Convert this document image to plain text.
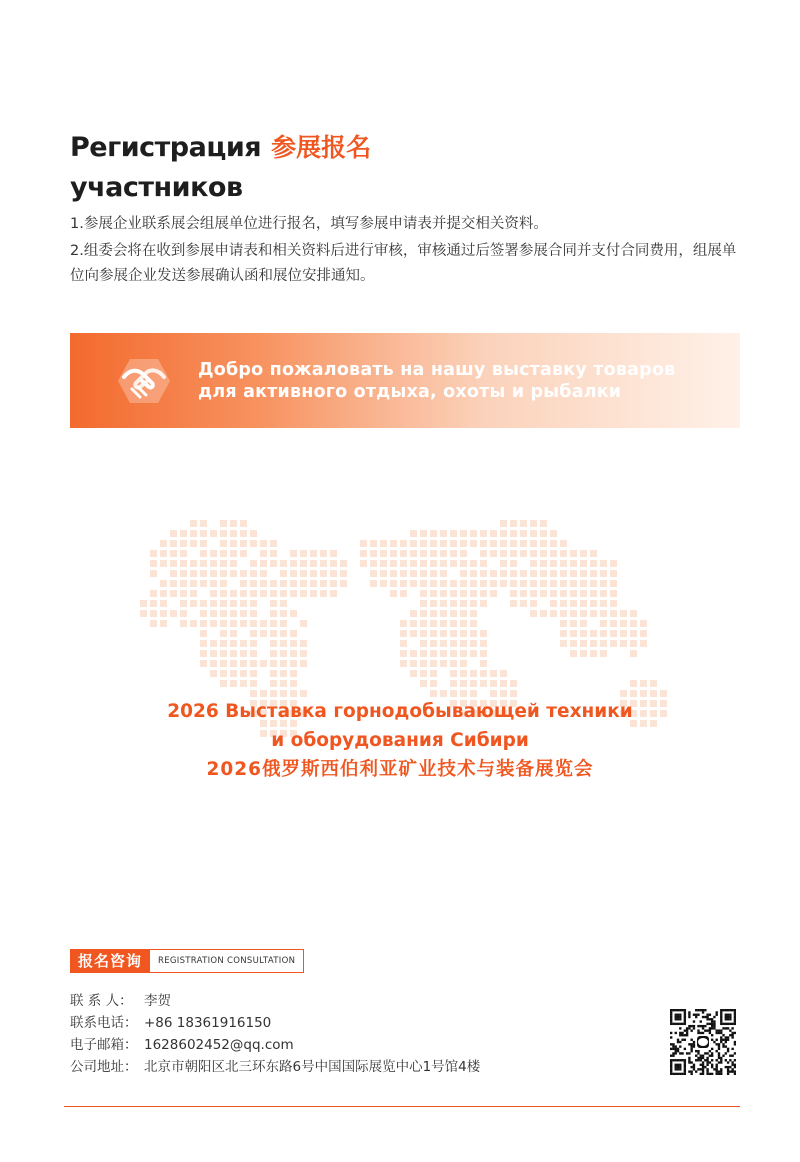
Регистрация 参展报名
участников

1.参展企业联系展会组展单位进行报名，填写参展申请表并提交相关资料。

2.组委会将在收到参展申请表和相关资料后进行审核，审核通过后签署参展合同并支付合同费用，组展单位向参展企业发送参展确认函和展位安排通知。

Добро пожаловать на нашу выставку товаров
для активного отдыха, охоты и рыбалки
2026 Выставка горнодобывающей техники
и оборудования Сибири
2026俄罗斯西伯利亚矿业技术与装备展览会
报名咨询	REGISTRATION CONSULTATION
联 系 人： 李贺
联系电话： +86 18361916150
电子邮箱： 1628602452@qq.com
公司地址： 北京市朝阳区北三环东路6号中国国际展览中心1号馆4楼
